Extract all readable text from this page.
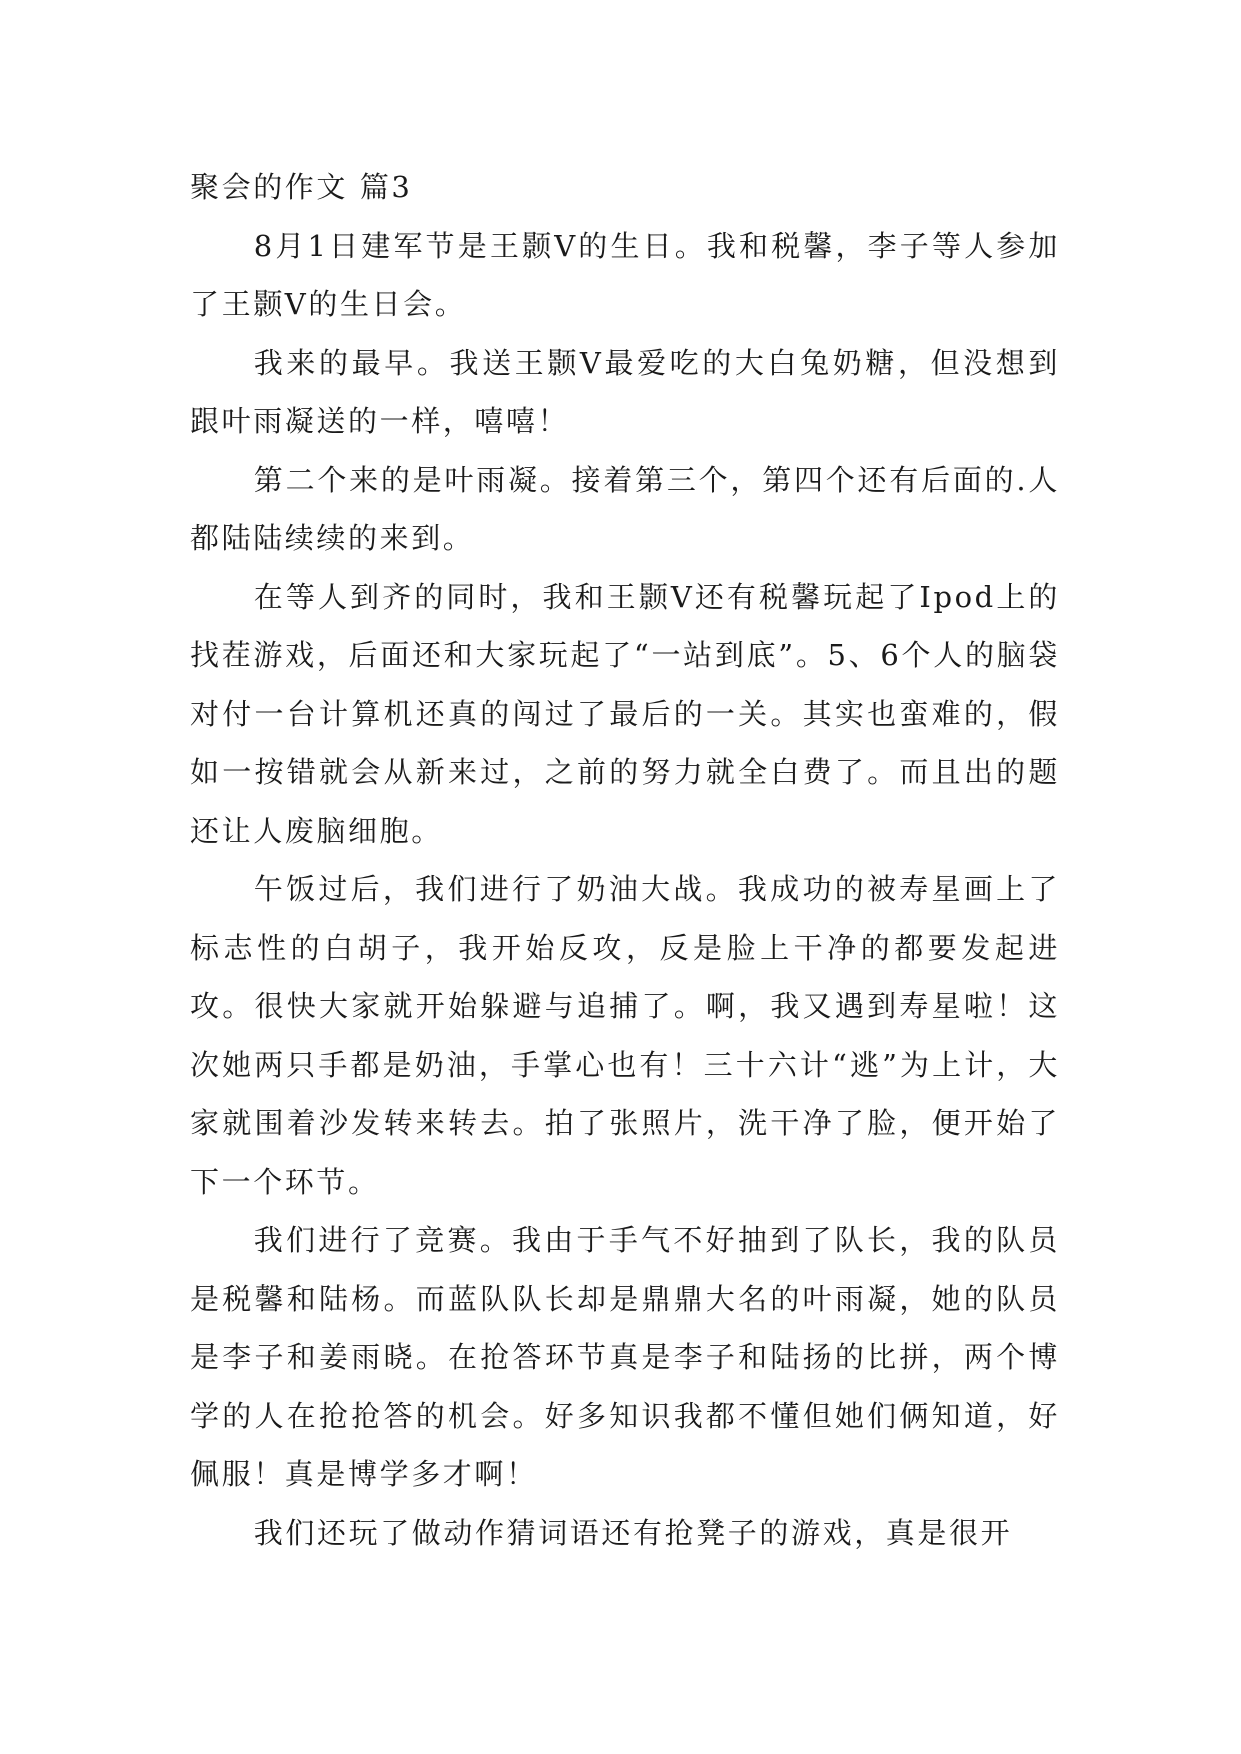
聚会的作文 篇3

8月1日建军节是王颢V的生日。我和税馨，李子等人参加了王颢V的生日会。

我来的最早。我送王颢V最爱吃的大白兔奶糖，但没想到跟叶雨凝送的一样，嘻嘻！

第二个来的是叶雨凝。接着第三个，第四个还有后面的.人都陆陆续续的来到。

在等人到齐的同时，我和王颢V还有税馨玩起了Ipod上的找茬游戏，后面还和大家玩起了“一站到底”。5、6个人的脑袋对付一台计算机还真的闯过了最后的一关。其实也蛮难的，假如一按错就会从新来过，之前的努力就全白费了。而且出的题还让人废脑细胞。

午饭过后，我们进行了奶油大战。我成功的被寿星画上了标志性的白胡子，我开始反攻，反是脸上干净的都要发起进攻。很快大家就开始躲避与追捕了。啊，我又遇到寿星啦！这次她两只手都是奶油，手掌心也有！三十六计“逃”为上计，大家就围着沙发转来转去。拍了张照片，洗干净了脸，便开始了下一个环节。

我们进行了竞赛。我由于手气不好抽到了队长，我的队员是税馨和陆杨。而蓝队队长却是鼎鼎大名的叶雨凝，她的队员是李子和姜雨晓。在抢答环节真是李子和陆扬的比拼，两个博学的人在抢抢答的机会。好多知识我都不懂但她们俩知道，好佩服！真是博学多才啊！

我们还玩了做动作猜词语还有抢凳子的游戏，真是很开
